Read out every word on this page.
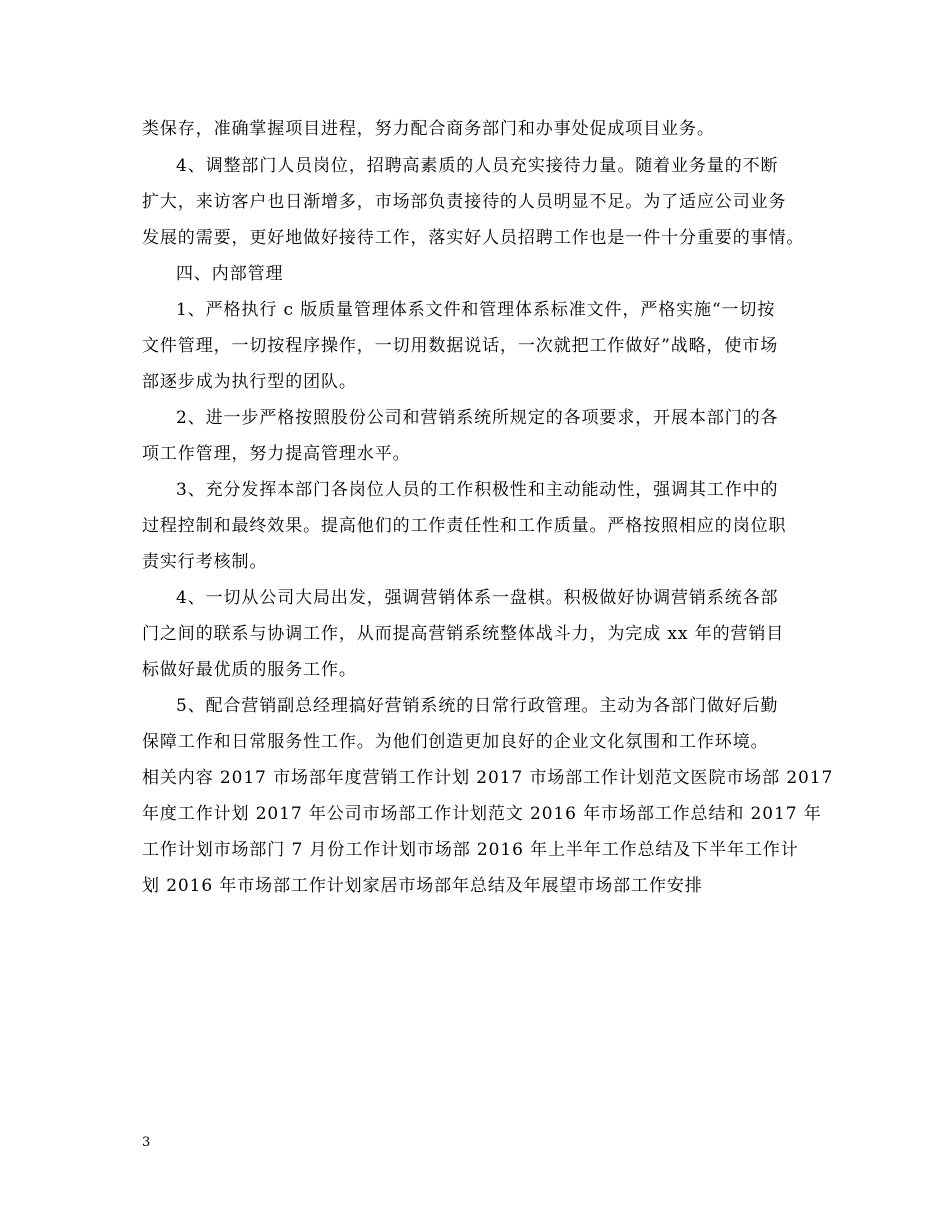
类保存，准确掌握项目进程，努力配合商务部门和办事处促成项目业务。
4、调整部门人员岗位，招聘高素质的人员充实接待力量。随着业务量的不断
扩大，来访客户也日渐增多，市场部负责接待的人员明显不足。为了适应公司业务
发展的需要，更好地做好接待工作，落实好人员招聘工作也是一件十分重要的事情。
四、内部管理
1、严格执行 c 版质量管理体系文件和管理体系标准文件，严格实施“一切按
文件管理，一切按程序操作，一切用数据说话，一次就把工作做好”战略，使市场
部逐步成为执行型的团队。
2、进一步严格按照股份公司和营销系统所规定的各项要求，开展本部门的各
项工作管理，努力提高管理水平。
3、充分发挥本部门各岗位人员的工作积极性和主动能动性，强调其工作中的
过程控制和最终效果。提高他们的工作责任性和工作质量。严格按照相应的岗位职
责实行考核制。
4、一切从公司大局出发，强调营销体系一盘棋。积极做好协调营销系统各部
门之间的联系与协调工作，从而提高营销系统整体战斗力，为完成 xx 年的营销目
标做好最优质的服务工作。
5、配合营销副总经理搞好营销系统的日常行政管理。主动为各部门做好后勤
保障工作和日常服务性工作。为他们创造更加良好的企业文化氛围和工作环境。
相关内容 2017 市场部年度营销工作计划 2017 市场部工作计划范文医院市场部 2017
年度工作计划 2017 年公司市场部工作计划范文 2016 年市场部工作总结和 2017 年
工作计划市场部门 7 月份工作计划市场部 2016 年上半年工作总结及下半年工作计
划 2016 年市场部工作计划家居市场部年总结及年展望市场部工作安排
3
